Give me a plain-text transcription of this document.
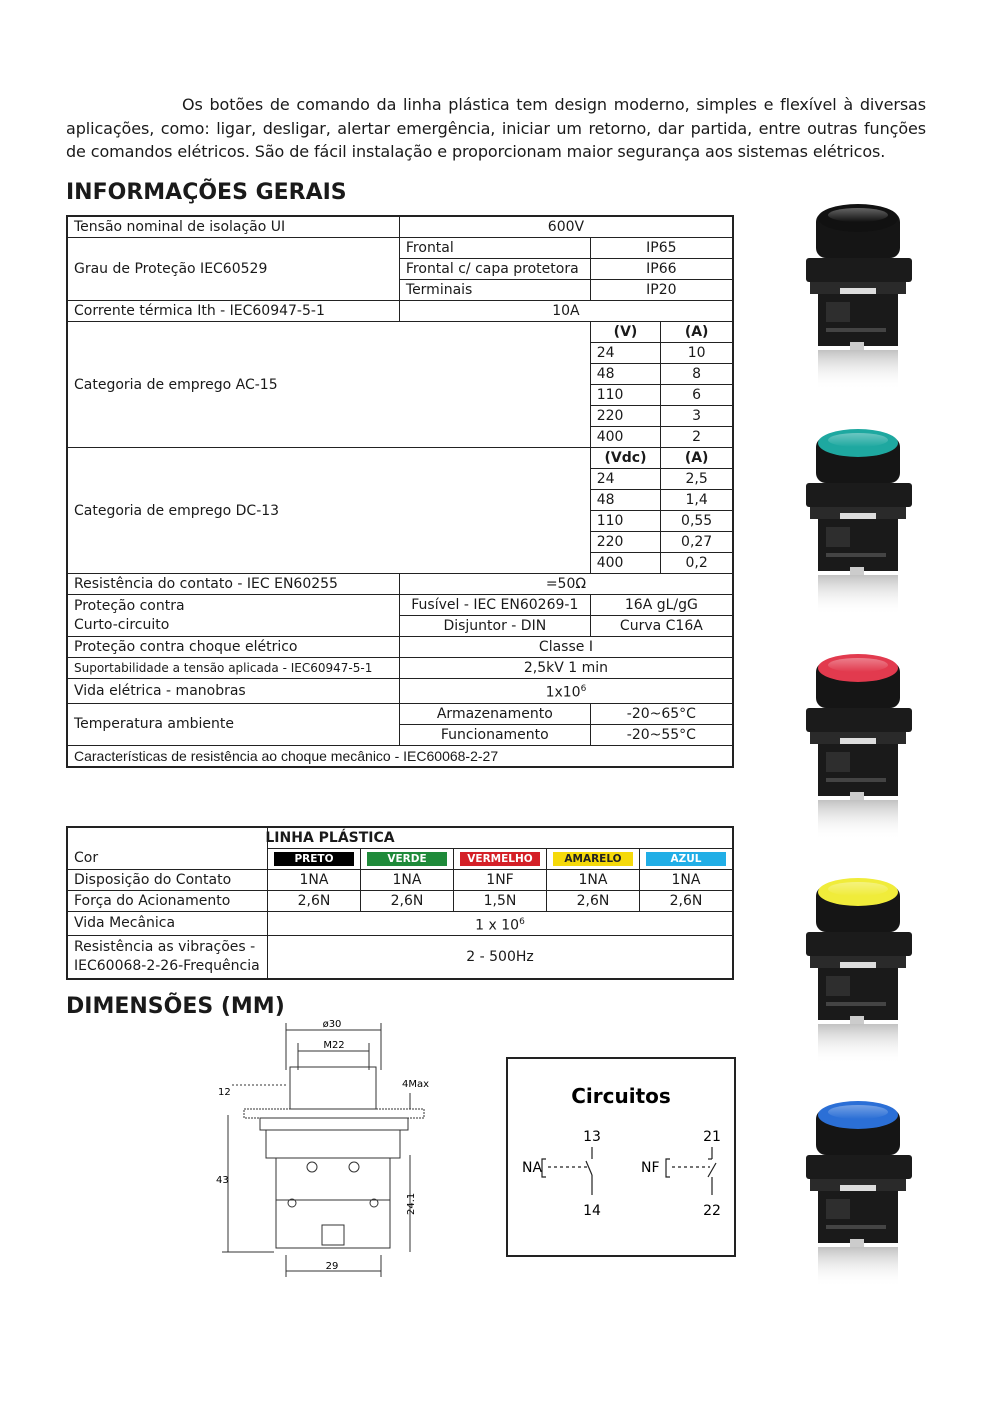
Os botões de comando da linha plástica tem design moderno, simples e flexível à diversas aplicações, como: ligar, desligar, alertar emergência, iniciar um retorno, dar partida, entre outras funções de comandos elétricos. São de fácil instalação e proporcionam maior segurança aos sistemas elétricos.
INFORMAÇÕES GERAIS
Tensão nominal de isolação UI	600V		
Grau de Proteção IEC60529	Frontal	IP65	
	Frontal c/ capa protetora	IP66	
	Terminais	IP20	
Corrente térmica Ith - IEC60947-5-1	10A		
Categoria de emprego AC-15		(V)	(A)
		24	10
		48	8
		110	6
		220	3
		400	2
Categoria de emprego DC-13		(Vdc)	(A)
		24	2,5
		48	1,4
		110	0,55
		220	0,27
		400	0,2
Resistência do contato - IEC EN60255	=50Ω		
Proteção contra
Curto-circuito	Fusível - IEC EN60269-1	16A gL/gG	
	Disjuntor - DIN	Curva C16A	
Proteção contra choque elétrico	Classe I		
Suportabilidade a tensão aplicada - IEC60947-5-1	2,5kV 1 min		
Vida elétrica - manobras	$1x10^6$
Temperatura ambiente	Armazenamento	-20~65°C	
	Funcionamento	-20~55°C	
Características de resistência ao choque mecânico - IEC60068-2-27			
	LINHA PLÁSTICA				
Cor	PRETO	VERDE	VERMELHO	AMARELO	AZUL
Disposição do Contato	1NA	1NA	1NF	1NA	1NA
Força do Acionamento	2,6N	2,6N	1,5N	2,6N	2,6N
Vida Mecânica	1 x $10^6$
Resistência as vibrações -
IEC60068-2-26-Frequência	2 - 500Hz				
DIMENSÕES (MM)
ø30
M22
12
4Max
43
24.1
29
Circuitos
13
14
21
22
NA	NF
